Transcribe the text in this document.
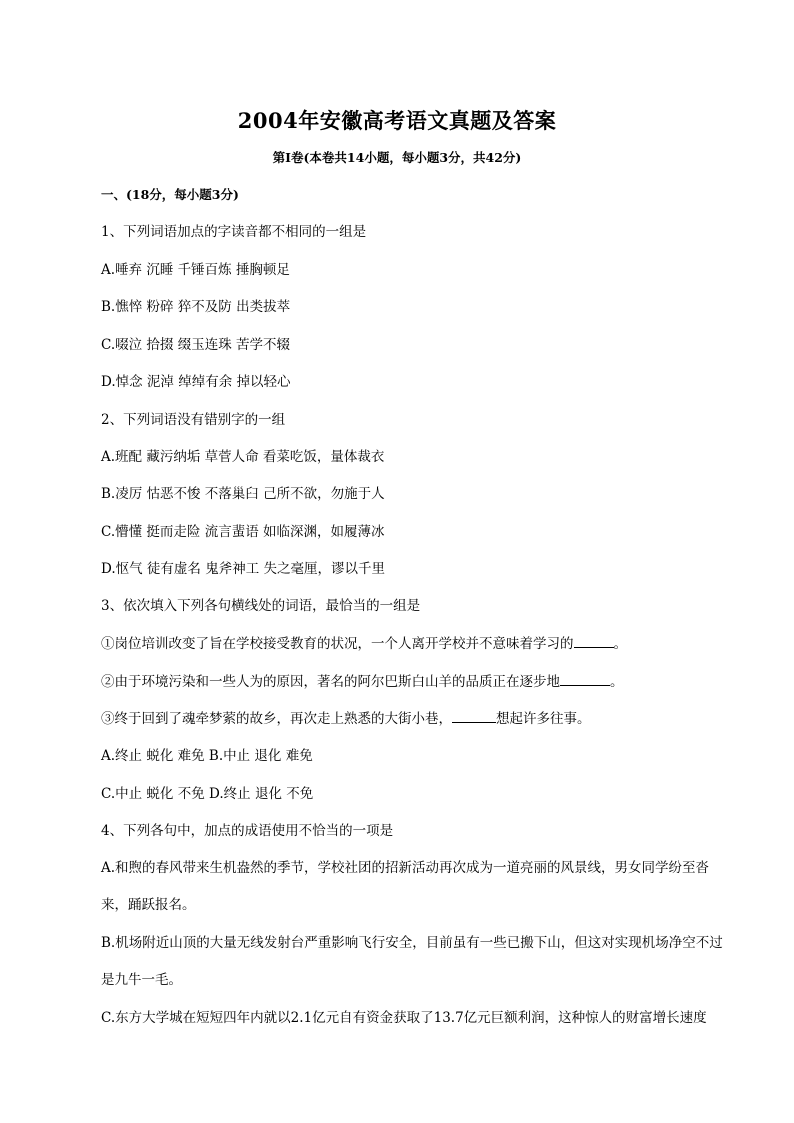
2004年安徽高考语文真题及答案
第Ⅰ卷(本卷共14小题，每小题3分，共42分)
一、(18分，每小题3分)
1、下列词语加点的字读音都不相同的一组是
A.唾弃 沉睡 千锤百炼 捶胸顿足
B.憔悴 粉碎 猝不及防 出类拔萃
C.啜泣 拾掇 缀玉连珠 苦学不辍
D.悼念 泥淖 绰绰有余 掉以轻心
2、下列词语没有错别字的一组
A.班配 藏污纳垢 草菅人命 看菜吃饭，量体裁衣
B.凌厉 怙恶不悛 不落巢臼 己所不欲，勿施于人
C.懵懂 挺而走险 流言蜚语 如临深渊，如履薄冰
D.怄气 徒有虚名 鬼斧神工 失之毫厘，谬以千里
3、依次填入下列各句横线处的词语，最恰当的一组是
①岗位培训改变了旨在学校接受教育的状况，一个人离开学校并不意味着学习的	。
②由于环境污染和一些人为的原因，著名的阿尔巴斯白山羊的品质正在逐步地	。
③终于回到了魂牵梦萦的故乡，再次走上熟悉的大街小巷，	想起许多往事。
A.终止 蜕化 难免 B.中止 退化 难免
C.中止 蜕化 不免 D.终止 退化 不免
4、下列各句中，加点的成语使用不恰当的一项是
A.和煦的春风带来生机盎然的季节，学校社团的招新活动再次成为一道亮丽的风景线，男女同学纷至沓来，踊跃报名。
B.机场附近山顶的大量无线发射台严重影响飞行安全，目前虽有一些已搬下山，但这对实现机场净空不过是九牛一毛。
C.东方大学城在短短四年内就以2.1亿元自有资金获取了13.7亿元巨额利润，这种惊人的财富增长速度
